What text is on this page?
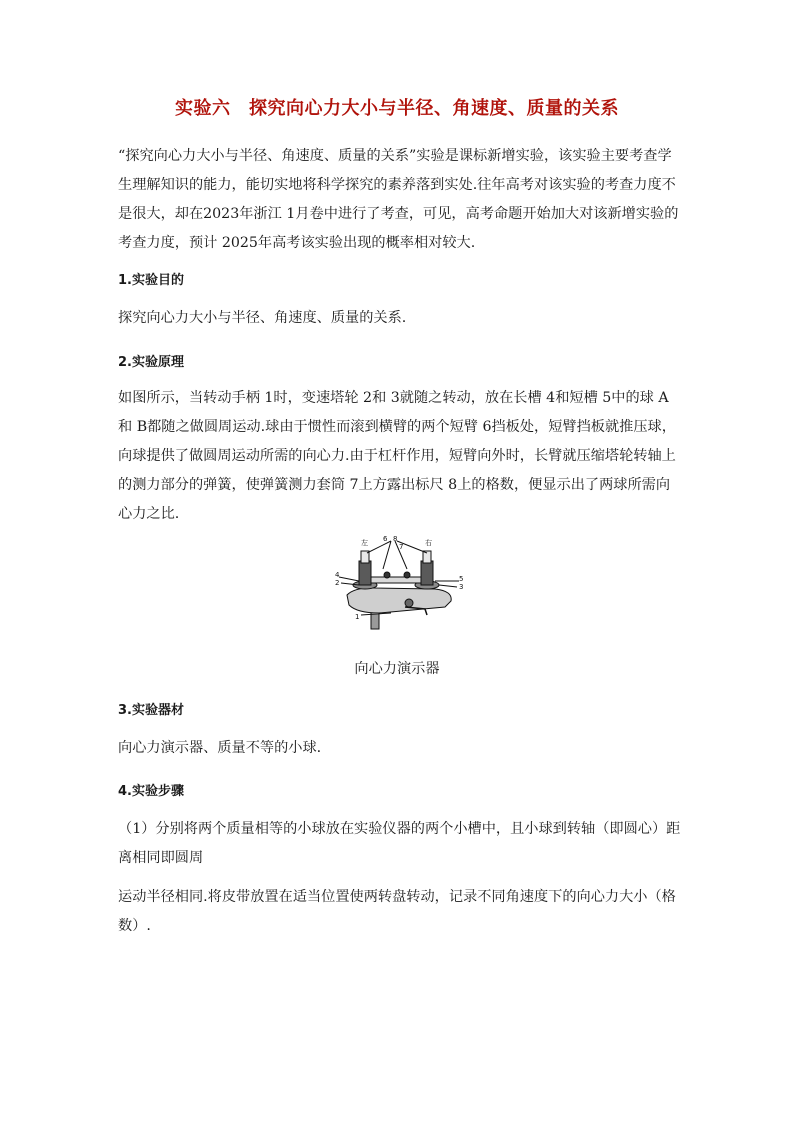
实验六　探究向心力大小与半径、角速度、质量的关系
“探究向心力大小与半径、角速度、质量的关系”实验是课标新增实验，该实验主要考查学
生理解知识的能力，能切实地将科学探究的素养落到实处.往年高考对该实验的考查力度不
是很大，却在2023年浙江 1月卷中进行了考查，可见，高考命题开始加大对该新增实验的
考查力度，预计 2025年高考该实验出现的概率相对较大.
1.实验目的
探究向心力大小与半径、角速度、质量的关系.
2.实验原理
如图所示，当转动手柄 1时，变速塔轮 2和 3就随之转动，放在长槽 4和短槽 5中的球 A
和 B都随之做圆周运动.球由于惯性而滚到横臂的两个短臂 6挡板处，短臂挡板就推压球，
向球提供了做圆周运动所需的向心力.由于杠杆作用，短臂向外时，长臂就压缩塔轮转轴上
的测力部分的弹簧，使弹簧测力套筒 7上方露出标尺 8上的格数，便显示出了两球所需向
心力之比.
左	右
1
2	3
4	5
6
7
8
向心力演示器
3.实验器材
向心力演示器、质量不等的小球.
4.实验步骤
（1）分别将两个质量相等的小球放在实验仪器的两个小槽中，且小球到转轴（即圆心）距
离相同即圆周
运动半径相同.将皮带放置在适当位置使两转盘转动，记录不同角速度下的向心力大小（格
数）.
